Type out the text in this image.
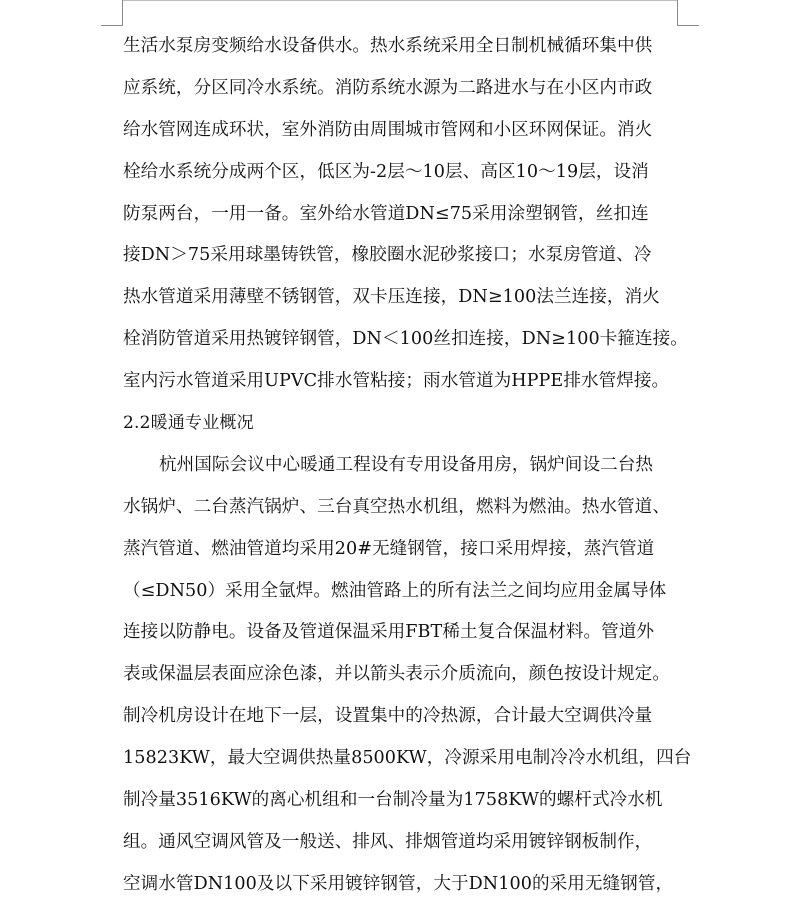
生活水泵房变频给水设备供水。热水系统采用全日制机械循环集中供
应系统，分区同冷水系统。消防系统水源为二路进水与在小区内市政
给水管网连成环状，室外消防由周围城市管网和小区环网保证。消火
栓给水系统分成两个区，低区为-2层～10层、高区10～19层，设消
防泵两台，一用一备。室外给水管道DN≤75采用涂塑钢管，丝扣连
接DN＞75采用球墨铸铁管，橡胶圈水泥砂浆接口；水泵房管道、冷
热水管道采用薄壁不锈钢管，双卡压连接，DN≥100法兰连接，消火
栓消防管道采用热镀锌钢管，DN＜100丝扣连接，DN≥100卡箍连接。
室内污水管道采用UPVC排水管粘接；雨水管道为HPPE排水管焊接。
2.2暖通专业概况
杭州国际会议中心暖通工程设有专用设备用房，锅炉间设二台热
水锅炉、二台蒸汽锅炉、三台真空热水机组，燃料为燃油。热水管道、
蒸汽管道、燃油管道均采用20#无缝钢管，接口采用焊接，蒸汽管道
（≤DN50）采用全氩焊。燃油管路上的所有法兰之间均应用金属导体
连接以防静电。设备及管道保温采用FBT稀土复合保温材料。管道外
表或保温层表面应涂色漆，并以箭头表示介质流向，颜色按设计规定。
制冷机房设计在地下一层，设置集中的冷热源，合计最大空调供冷量
15823KW，最大空调供热量8500KW，冷源采用电制冷冷水机组，四台
制冷量3516KW的离心机组和一台制冷量为1758KW的螺杆式冷水机
组。通风空调风管及一般送、排风、排烟管道均采用镀锌钢板制作，
空调水管DN100及以下采用镀锌钢管，大于DN100的采用无缝钢管，
